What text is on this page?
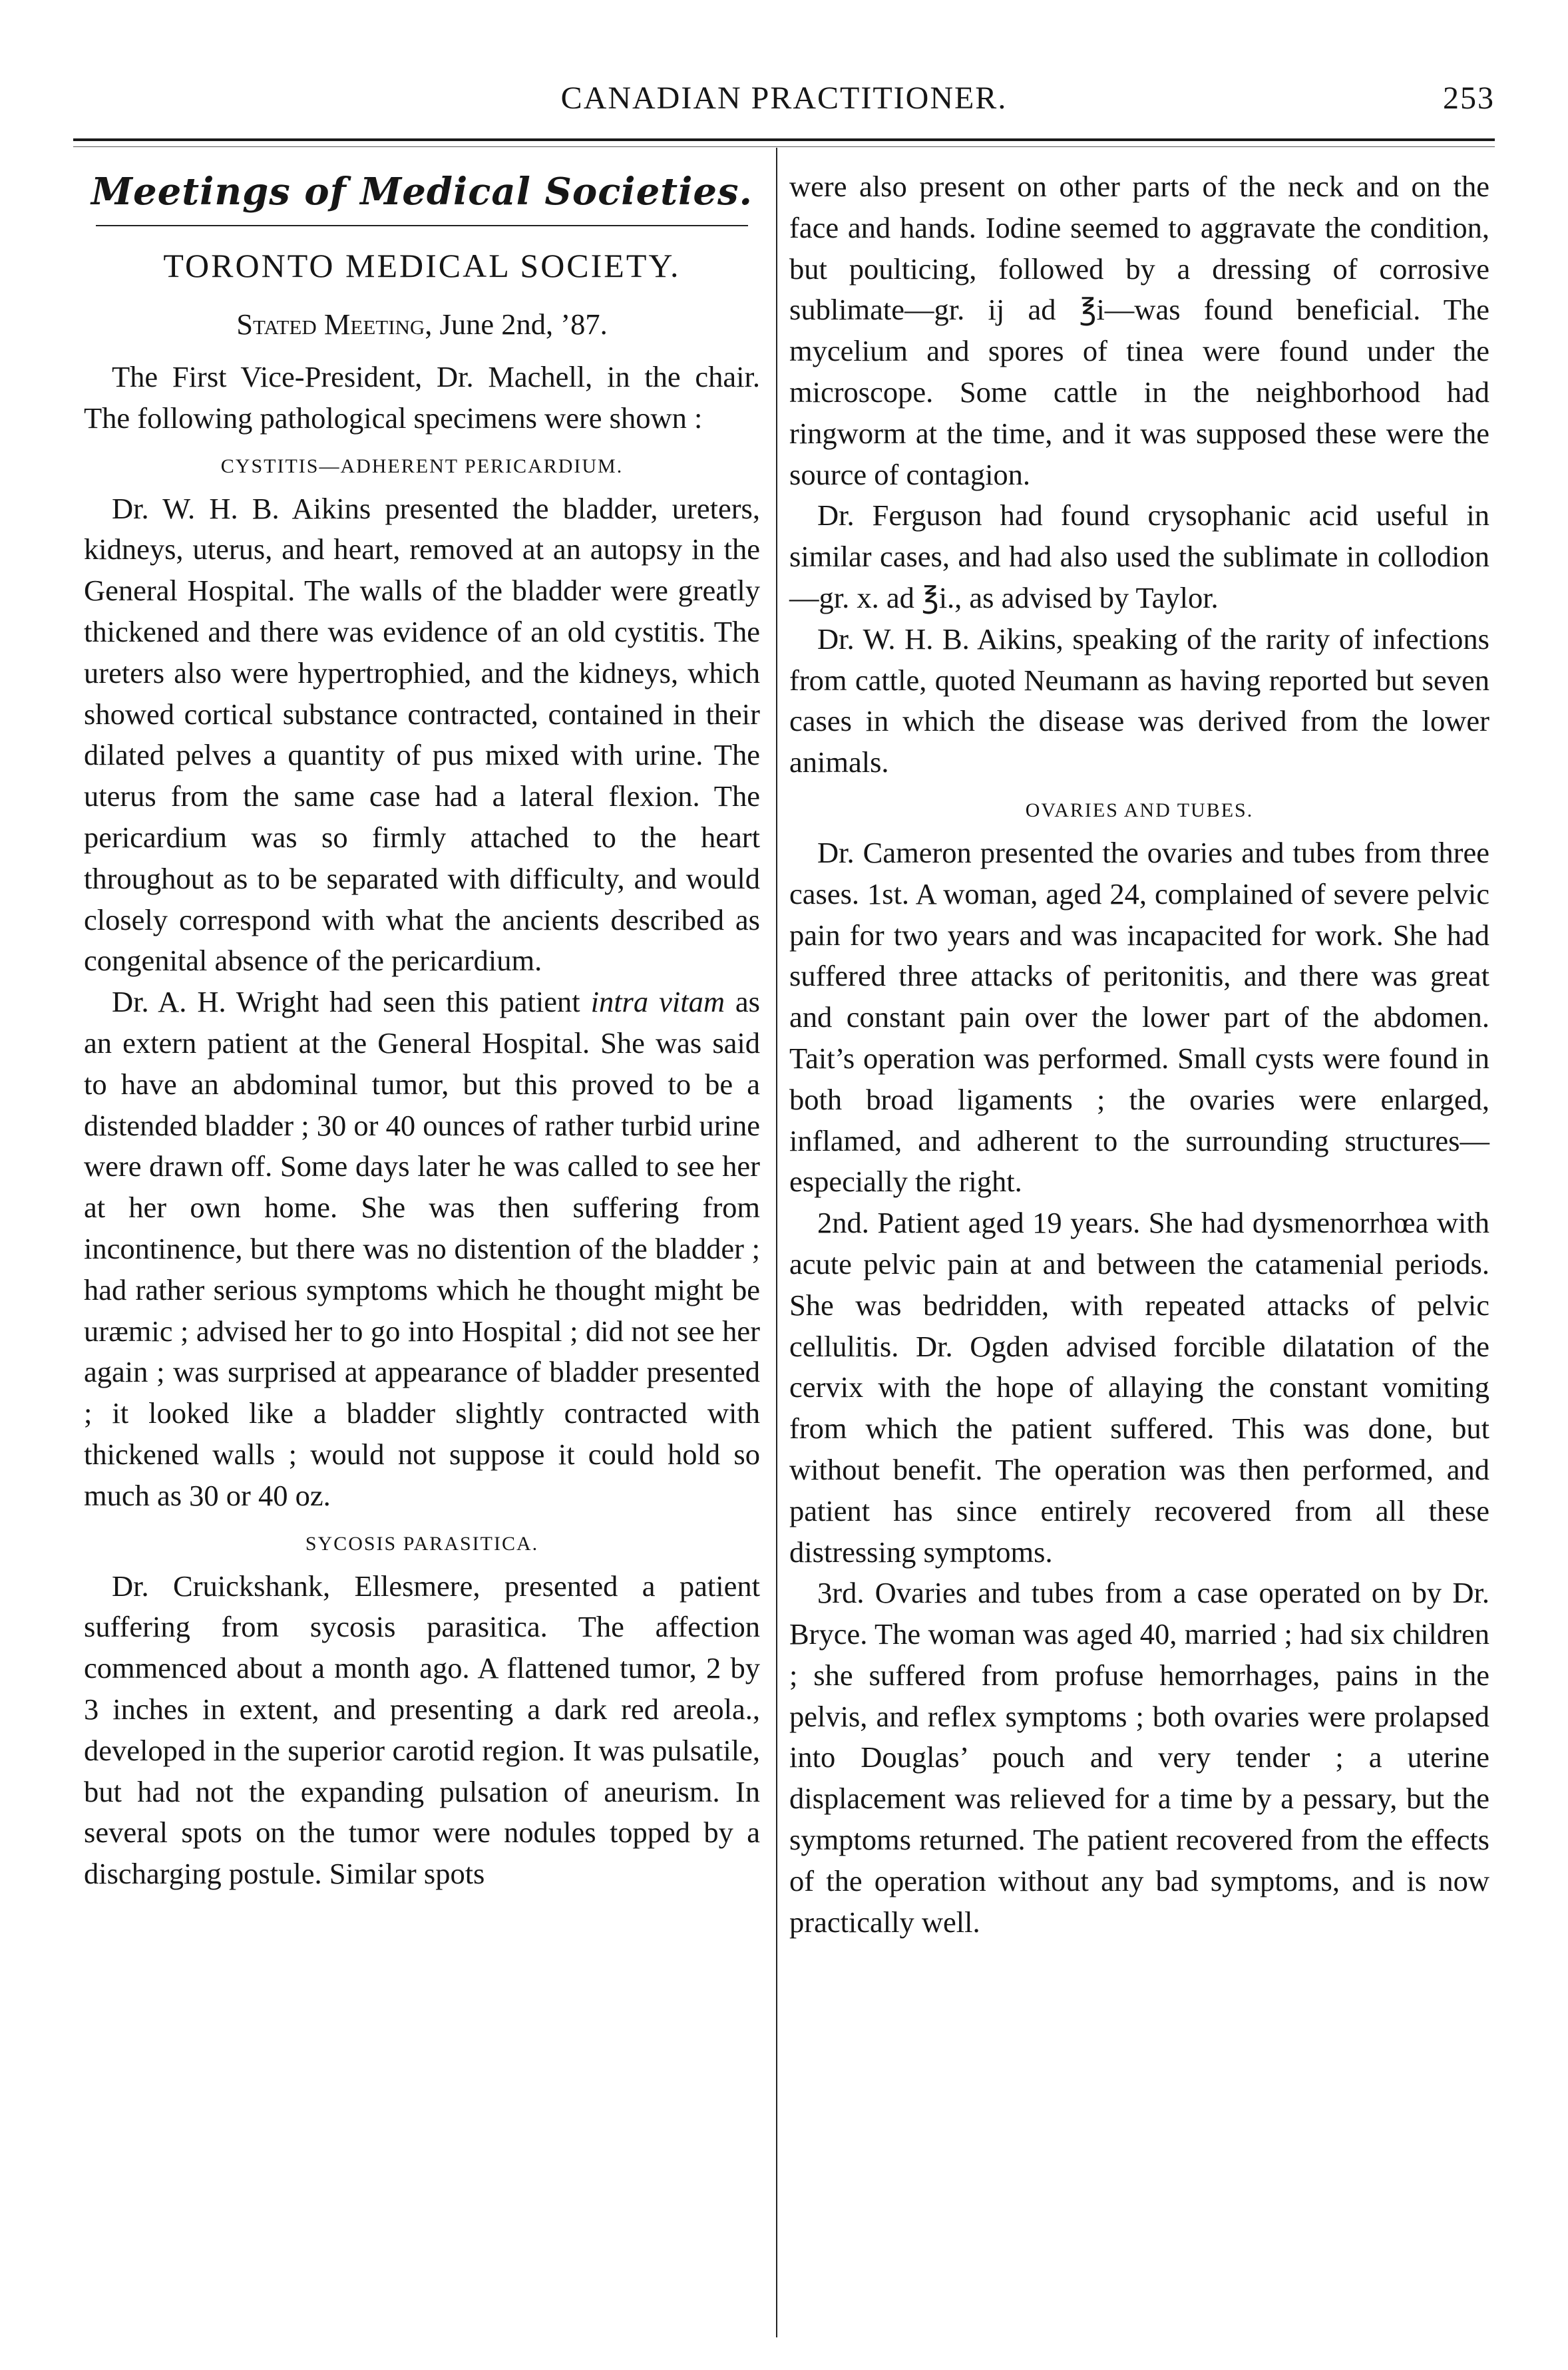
CANADIAN PRACTITIONER.	253
Meetings of Medical Societies.
TORONTO MEDICAL SOCIETY.
Stated Meeting, June 2nd, ’87.

The First Vice-President, Dr. Machell, in the chair. The following pathological specimens were shown :

CYSTITIS—ADHERENT PERICARDIUM.

Dr. W. H. B. Aikins presented the bladder, ureters, kidneys, uterus, and heart, removed at an autopsy in the General Hospital. The walls of the bladder were greatly thickened and there was evidence of an old cystitis. The ureters also were hypertrophied, and the kidneys, which showed cortical substance contracted, contained in their dilated pelves a quantity of pus mixed with urine. The uterus from the same case had a lateral flexion. The pericardium was so firmly attached to the heart throughout as to be separated with difficulty, and would closely correspond with what the ancients described as congenital absence of the pericardium.

Dr. A. H. Wright had seen this patient intra vitam as an extern patient at the General Hospital. She was said to have an abdominal tumor, but this proved to be a distended bladder ; 30 or 40 ounces of rather turbid urine were drawn off. Some days later he was called to see her at her own home. She was then suffering from incontinence, but there was no distention of the bladder ; had rather serious symptoms which he thought might be uræmic ; advised her to go into Hospital ; did not see her again ; was surprised at appearance of bladder presented ; it looked like a bladder slightly contracted with thickened walls ; would not suppose it could hold so much as 30 or 40 oz.

SYCOSIS PARASITICA.

Dr. Cruickshank, Ellesmere, presented a patient suffering from sycosis parasitica. The affection commenced about a month ago. A flattened tumor, 2 by 3 inches in extent, and presenting a dark red areola., developed in the superior carotid region. It was pulsatile, but had not the expanding pulsation of aneurism. In several spots on the tumor were nodules topped by a discharging postule. Similar spots

were also present on other parts of the neck and on the face and hands. Iodine seemed to aggravate the condition, but poulticing, followed by a dressing of corrosive sublimate—gr. ij ad ℥i—was found beneficial. The mycelium and spores of tinea were found under the microscope. Some cattle in the neighborhood had ringworm at the time, and it was supposed these were the source of contagion.

Dr. Ferguson had found crysophanic acid useful in similar cases, and had also used the sublimate in collodion—gr. x. ad ℥i., as advised by Taylor.

Dr. W. H. B. Aikins, speaking of the rarity of infections from cattle, quoted Neumann as having reported but seven cases in which the disease was derived from the lower animals.

OVARIES AND TUBES.

Dr. Cameron presented the ovaries and tubes from three cases. 1st. A woman, aged 24, complained of severe pelvic pain for two years and was incapacited for work. She had suffered three attacks of peritonitis, and there was great and constant pain over the lower part of the abdomen. Tait’s operation was performed. Small cysts were found in both broad ligaments ; the ovaries were enlarged, inflamed, and adherent to the surrounding structures—especially the right.

2nd. Patient aged 19 years. She had dysmenorrhœa with acute pelvic pain at and between the catamenial periods. She was bedridden, with repeated attacks of pelvic cellulitis. Dr. Ogden advised forcible dilatation of the cervix with the hope of allaying the constant vomiting from which the patient suffered. This was done, but without benefit. The operation was then performed, and patient has since entirely recovered from all these distressing symptoms.

3rd. Ovaries and tubes from a case operated on by Dr. Bryce. The woman was aged 40, married ; had six children ; she suffered from profuse hemorrhages, pains in the pelvis, and reflex symptoms ; both ovaries were prolapsed into Douglas’ pouch and very tender ; a uterine displacement was relieved for a time by a pessary, but the symptoms returned. The patient recovered from the effects of the operation without any bad symptoms, and is now practically well.
